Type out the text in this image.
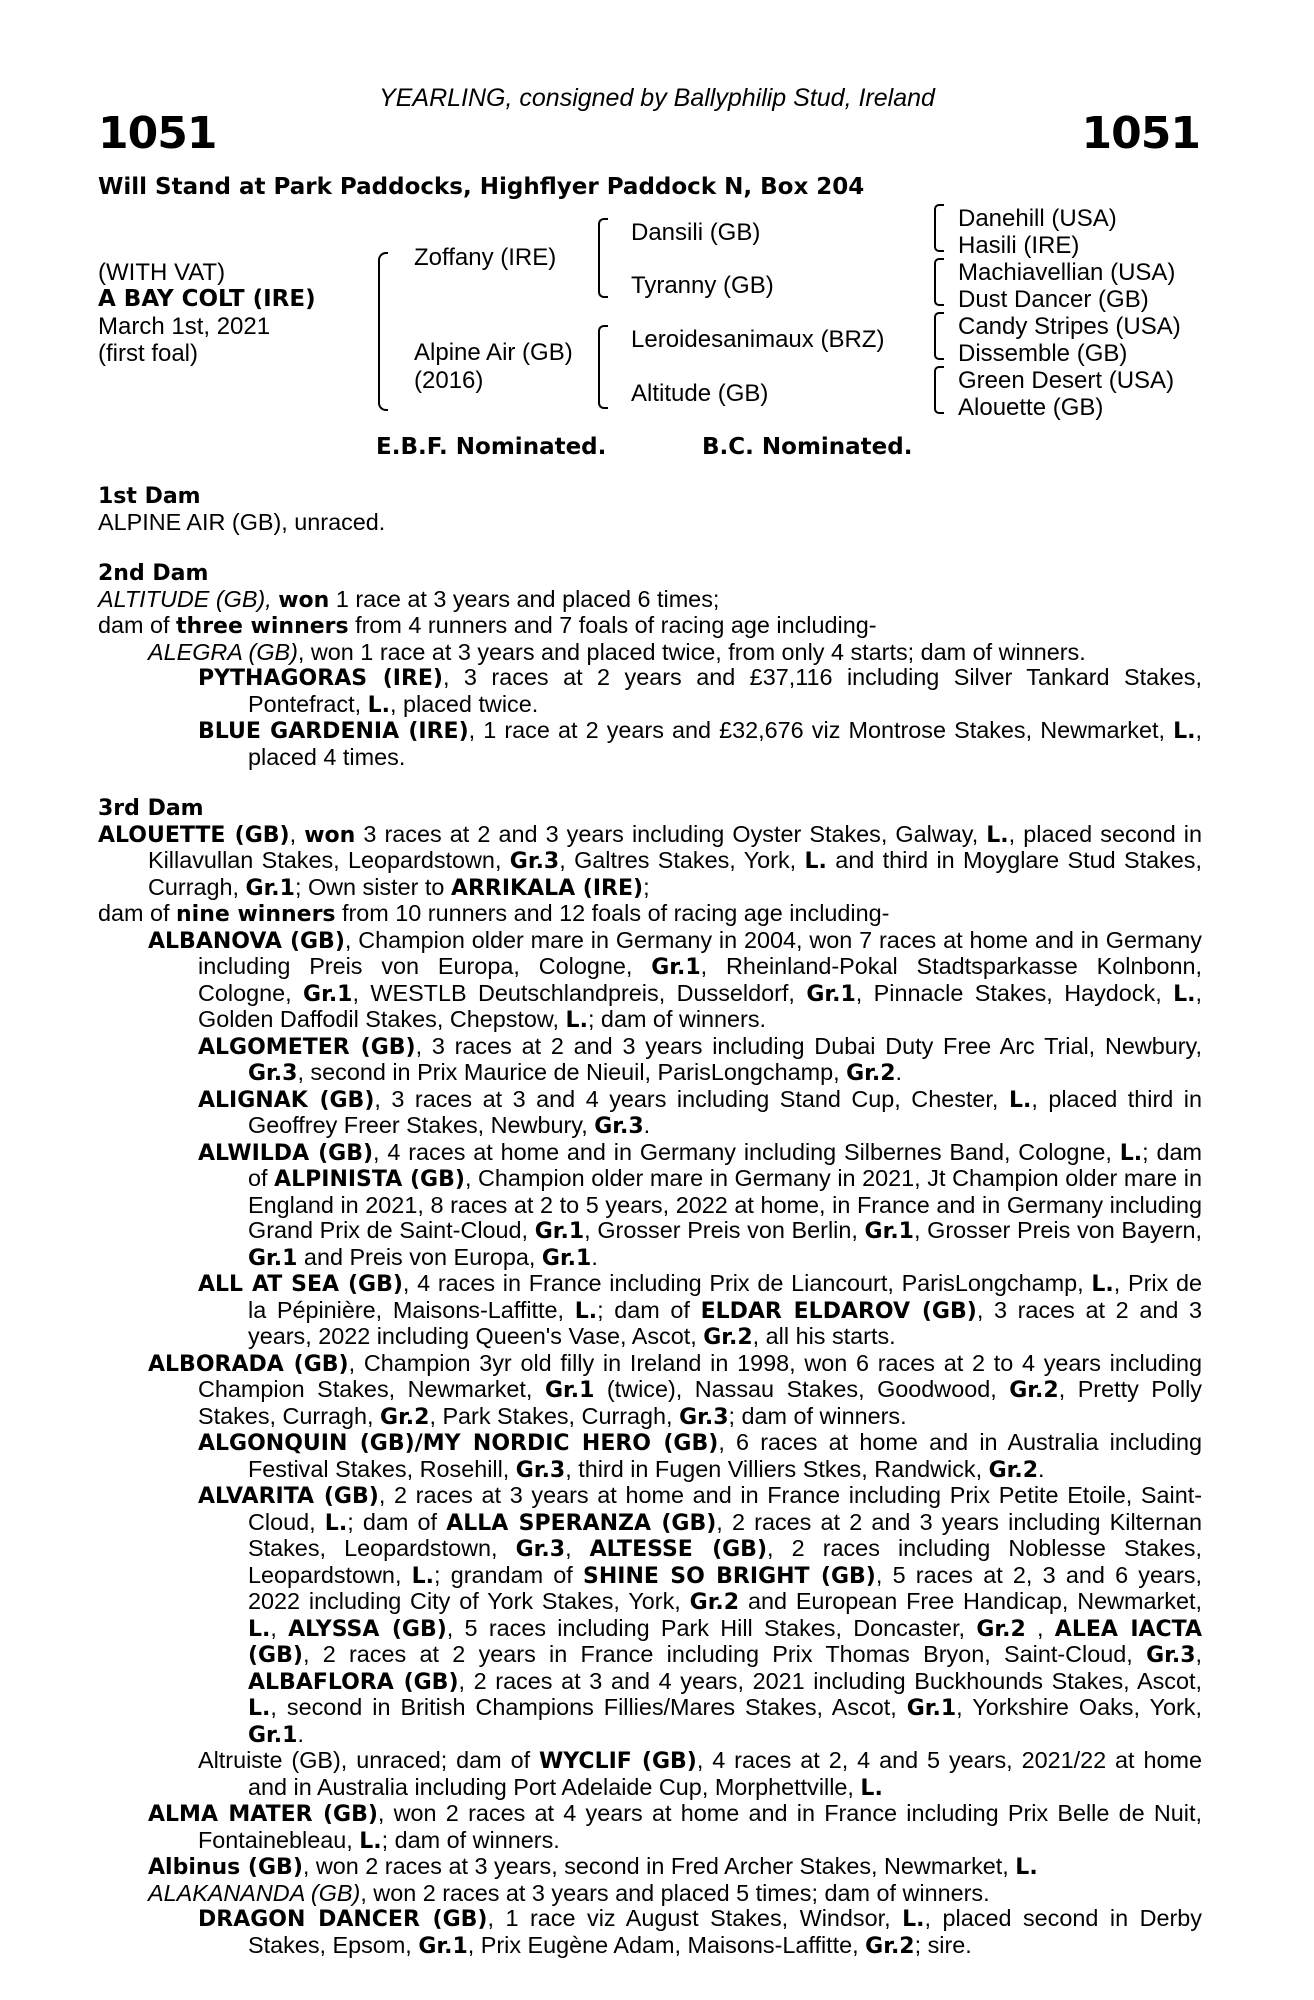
YEARLING, consigned by Ballyphilip Stud, Ireland
1051	1051
Will Stand at Park Paddocks, Highflyer Paddock N, Box 204
(WITH VAT)
A BAY COLT (IRE)
March 1st, 2021
(first foal)
Zoffany (IRE)
Alpine Air (GB)
(2016)
Dansili (GB)
Tyranny (GB)
Leroidesanimaux (BRZ)
Altitude (GB)
Danehill (USA)
Hasili (IRE)
Machiavellian (USA)
Dust Dancer (GB)
Candy Stripes (USA)
Dissemble (GB)
Green Desert (USA)
Alouette (GB)
E.B.F. Nominated.	B.C. Nominated.
1st Dam
ALPINE AIR (GB), unraced.
2nd Dam
ALTITUDE (GB), won 1 race at 3 years and placed 6 times;
dam of three winners from 4 runners and 7 foals of racing age including-
ALEGRA (GB), won 1 race at 3 years and placed twice, from only 4 starts; dam of winners.
PYTHAGORAS (IRE), 3 races at 2 years and £37,116 including Silver Tankard Stakes, Pontefract, L., placed twice.
BLUE GARDENIA (IRE), 1 race at 2 years and £32,676 viz Montrose Stakes, Newmarket, L., placed 4 times.
3rd Dam
ALOUETTE (GB), won 3 races at 2 and 3 years including Oyster Stakes, Galway, L., placed second in Killavullan Stakes, Leopardstown, Gr.3, Galtres Stakes, York, L. and third in Moyglare Stud Stakes, Curragh, Gr.1; Own sister to ARRIKALA (IRE);
dam of nine winners from 10 runners and 12 foals of racing age including-
ALBANOVA (GB), Champion older mare in Germany in 2004, won 7 races at home and in Germany including Preis von Europa, Cologne, Gr.1, Rheinland-Pokal Stadtsparkasse Kolnbonn, Cologne, Gr.1, WESTLB Deutschlandpreis, Dusseldorf, Gr.1, Pinnacle Stakes, Haydock, L., Golden Daffodil Stakes, Chepstow, L.; dam of winners.
ALGOMETER (GB), 3 races at 2 and 3 years including Dubai Duty Free Arc Trial, Newbury, Gr.3, second in Prix Maurice de Nieuil, ParisLongchamp, Gr.2.
ALIGNAK (GB), 3 races at 3 and 4 years including Stand Cup, Chester, L., placed third in Geoffrey Freer Stakes, Newbury, Gr.3.
ALWILDA (GB), 4 races at home and in Germany including Silbernes Band, Cologne, L.; dam of ALPINISTA (GB), Champion older mare in Germany in 2021, Jt Champion older mare in England in 2021, 8 races at 2 to 5 years, 2022 at home, in France and in Germany including Grand Prix de Saint-Cloud, Gr.1, Grosser Preis von Berlin, Gr.1, Grosser Preis von Bayern, Gr.1 and Preis von Europa, Gr.1.
ALL AT SEA (GB), 4 races in France including Prix de Liancourt, ParisLongchamp, L., Prix de la Pépinière, Maisons-Laffitte, L.; dam of ELDAR ELDAROV (GB), 3 races at 2 and 3 years, 2022 including Queen's Vase, Ascot, Gr.2, all his starts.
ALBORADA (GB), Champion 3yr old filly in Ireland in 1998, won 6 races at 2 to 4 years including Champion Stakes, Newmarket, Gr.1 (twice), Nassau Stakes, Goodwood, Gr.2, Pretty Polly Stakes, Curragh, Gr.2, Park Stakes, Curragh, Gr.3; dam of winners.
ALGONQUIN (GB)/MY NORDIC HERO (GB), 6 races at home and in Australia including Festival Stakes, Rosehill, Gr.3, third in Fugen Villiers Stkes, Randwick, Gr.2.
ALVARITA (GB), 2 races at 3 years at home and in France including Prix Petite Etoile, Saint-Cloud, L.; dam of ALLA SPERANZA (GB), 2 races at 2 and 3 years including Kilternan Stakes, Leopardstown, Gr.3, ALTESSE (GB), 2 races including Noblesse Stakes, Leopardstown, L.; grandam of SHINE SO BRIGHT (GB), 5 races at 2, 3 and 6 years, 2022 including City of York Stakes, York, Gr.2 and European Free Handicap, Newmarket, L., ALYSSA (GB), 5 races including Park Hill Stakes, Doncaster, Gr.2 , ALEA IACTA (GB), 2 races at 2 years in France including Prix Thomas Bryon, Saint-Cloud, Gr.3, ALBAFLORA (GB), 2 races at 3 and 4 years, 2021 including Buckhounds Stakes, Ascot, L., second in British Champions Fillies/Mares Stakes, Ascot, Gr.1, Yorkshire Oaks, York, Gr.1.
Altruiste (GB), unraced; dam of WYCLIF (GB), 4 races at 2, 4 and 5 years, 2021/22 at home and in Australia including Port Adelaide Cup, Morphettville, L.
ALMA MATER (GB), won 2 races at 4 years at home and in France including Prix Belle de Nuit, Fontainebleau, L.; dam of winners.
Albinus (GB), won 2 races at 3 years, second in Fred Archer Stakes, Newmarket, L.
ALAKANANDA (GB), won 2 races at 3 years and placed 5 times; dam of winners.
DRAGON DANCER (GB), 1 race viz August Stakes, Windsor, L., placed second in Derby Stakes, Epsom, Gr.1, Prix Eugène Adam, Maisons-Laffitte, Gr.2; sire.
